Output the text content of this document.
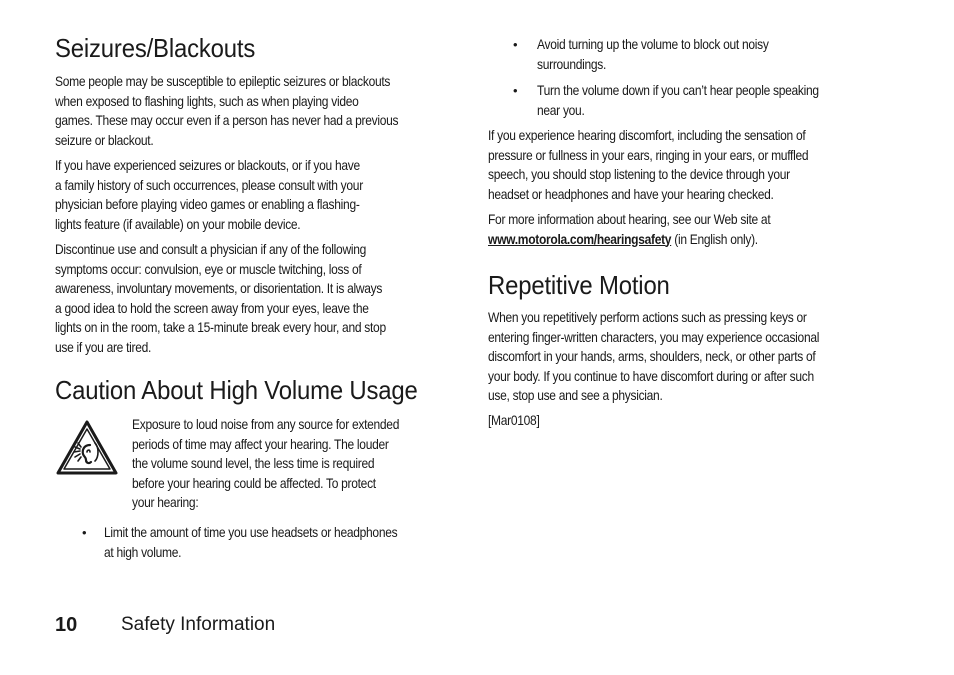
Seizures/Blackouts

Some people may be susceptible to epileptic seizures or blackouts
when exposed to flashing lights, such as when playing video
games. These may occur even if a person has never had a previous
seizure or blackout.

If you have experienced seizures or blackouts, or if you have
a family history of such occurrences, please consult with your
physician before playing video games or enabling a flashing-
lights feature (if available) on your mobile device.

Discontinue use and consult a physician if any of the following
symptoms occur: convulsion, eye or muscle twitching, loss of
awareness, involuntary movements, or disorientation. It is always
a good idea to hold the screen away from your eyes, leave the
lights on in the room, take a 15-minute break every hour, and stop
use if you are tired.

Caution About High Volume Usage

Exposure to loud noise from any source for extended
periods of time may affect your hearing. The louder
the volume sound level, the less time is required
before your hearing could be affected. To protect
your hearing:

• Limit the amount of time you use headsets or headphones
at high volume.

• Avoid turning up the volume to block out noisy
surroundings.

• Turn the volume down if you can’t hear people speaking
near you.

If you experience hearing discomfort, including the sensation of
pressure or fullness in your ears, ringing in your ears, or muffled
speech, you should stop listening to the device through your
headset or headphones and have your hearing checked.

For more information about hearing, see our Web site at
www.motorola.com/hearingsafety (in English only).

Repetitive Motion

When you repetitively perform actions such as pressing keys or
entering finger-written characters, you may experience occasional
discomfort in your hands, arms, shoulders, neck, or other parts of
your body. If you continue to have discomfort during or after such
use, stop use and see a physician.

[Mar0108]

10 Safety Information
